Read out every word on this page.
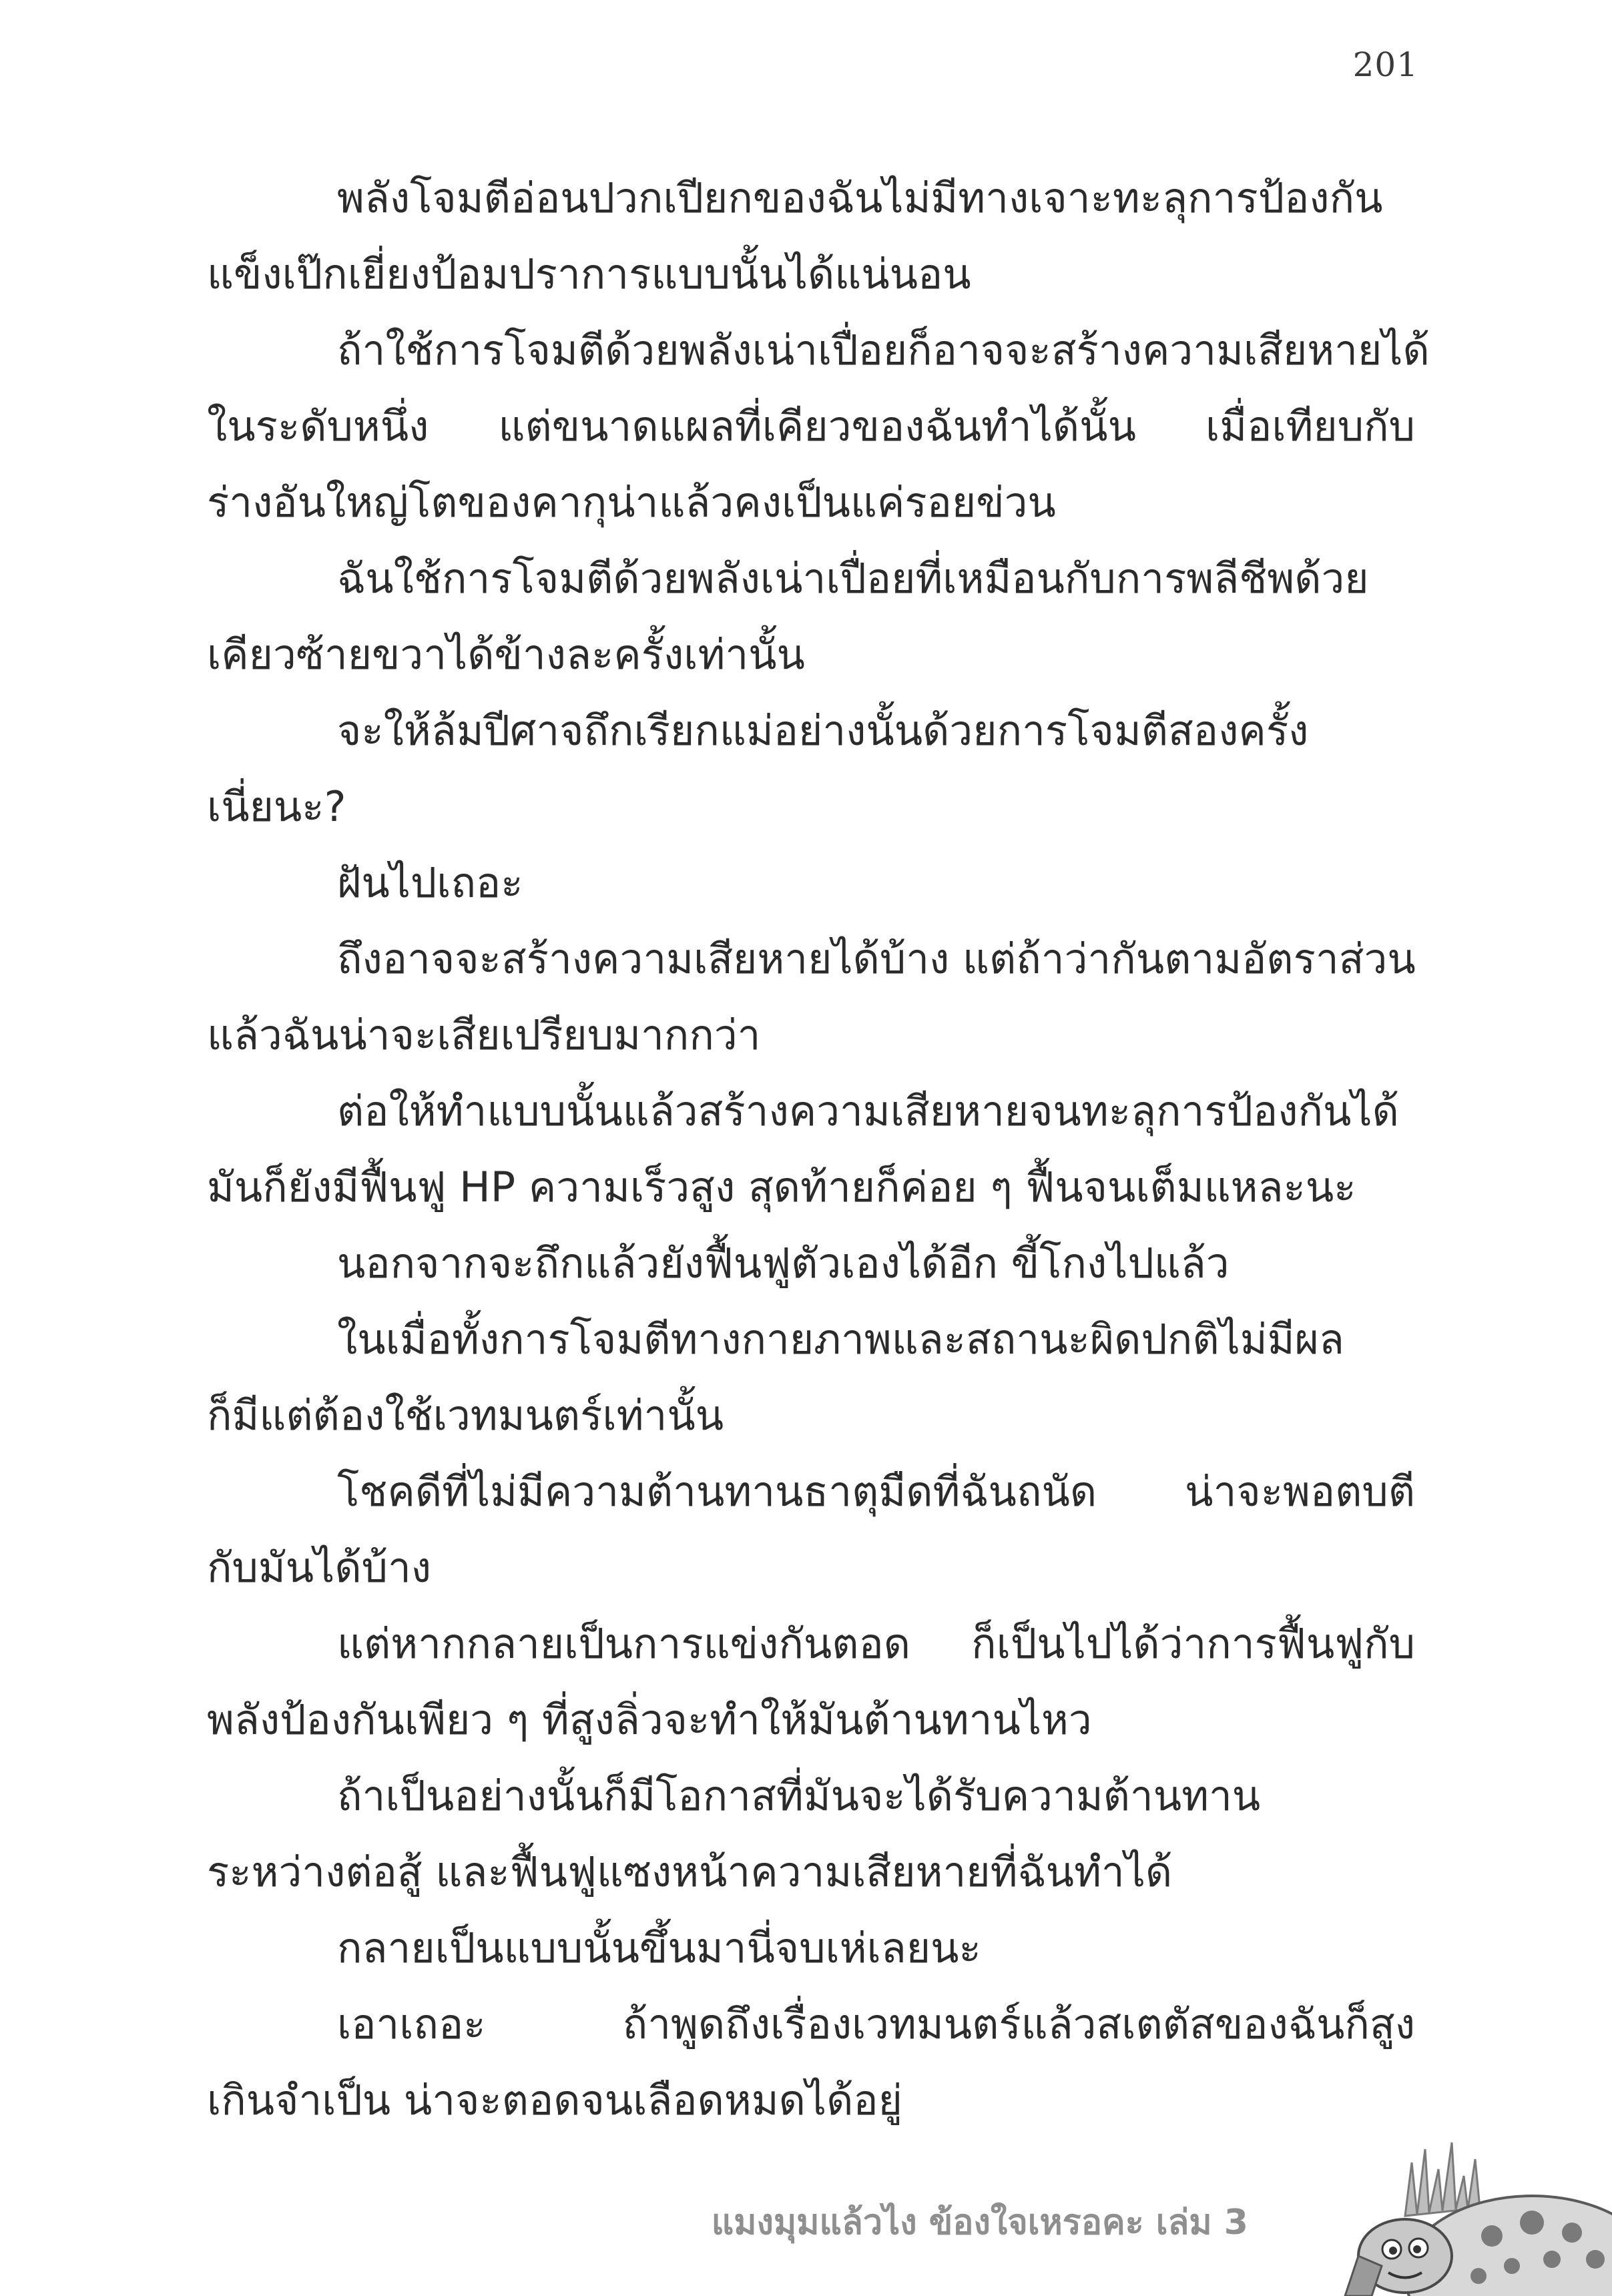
201
พลังโจมตีอ่อนปวกเปียกของฉันไม่มีทางเจาะทะลุการป้องกัน
แข็งเป๊กเยี่ยงป้อมปราการแบบนั้นได้แน่นอน
ถ้าใช้การโจมตีด้วยพลังเน่าเปื่อยก็อาจจะสร้างความเสียหายได้
ในระดับหนึ่ง แต่ขนาดแผลที่เคียวของฉันทำได้นั้น เมื่อเทียบกับ
ร่างอันใหญ่โตของคากุน่าแล้วคงเป็นแค่รอยข่วน
ฉันใช้การโจมตีด้วยพลังเน่าเปื่อยที่เหมือนกับการพลีชีพด้วย
เคียวซ้ายขวาได้ข้างละครั้งเท่านั้น
จะให้ล้มปีศาจถึกเรียกแม่อย่างนั้นด้วยการโจมตีสองครั้ง
เนี่ยนะ?
ฝันไปเถอะ
ถึงอาจจะสร้างความเสียหายได้บ้าง แต่ถ้าว่ากันตามอัตราส่วน
แล้วฉันน่าจะเสียเปรียบมากกว่า
ต่อให้ทำแบบนั้นแล้วสร้างความเสียหายจนทะลุการป้องกันได้
มันก็ยังมีฟื้นฟู HP ความเร็วสูง สุดท้ายก็ค่อย ๆ ฟื้นจนเต็มแหละนะ
นอกจากจะถึกแล้วยังฟื้นฟูตัวเองได้อีก ขี้โกงไปแล้ว
ในเมื่อทั้งการโจมตีทางกายภาพและสถานะผิดปกติไม่มีผล
ก็มีแต่ต้องใช้เวทมนตร์เท่านั้น
โชคดีที่ไม่มีความต้านทานธาตุมืดที่ฉันถนัด น่าจะพอตบตี
กับมันได้บ้าง
แต่หากกลายเป็นการแข่งกันตอด ก็เป็นไปได้ว่าการฟื้นฟูกับ
พลังป้องกันเพียว ๆ ที่สูงลิ่วจะทำให้มันต้านทานไหว
ถ้าเป็นอย่างนั้นก็มีโอกาสที่มันจะได้รับความต้านทาน
ระหว่างต่อสู้ และฟื้นฟูแซงหน้าความเสียหายที่ฉันทำได้
กลายเป็นแบบนั้นขึ้นมานี่จบเห่เลยนะ
เอาเถอะ ถ้าพูดถึงเรื่องเวทมนตร์แล้วสเตตัสของฉันก็สูง
เกินจำเป็น น่าจะตอดจนเลือดหมดได้อยู่
แมงมุมแล้วไง ข้องใจเหรอคะ เล่ม 3
